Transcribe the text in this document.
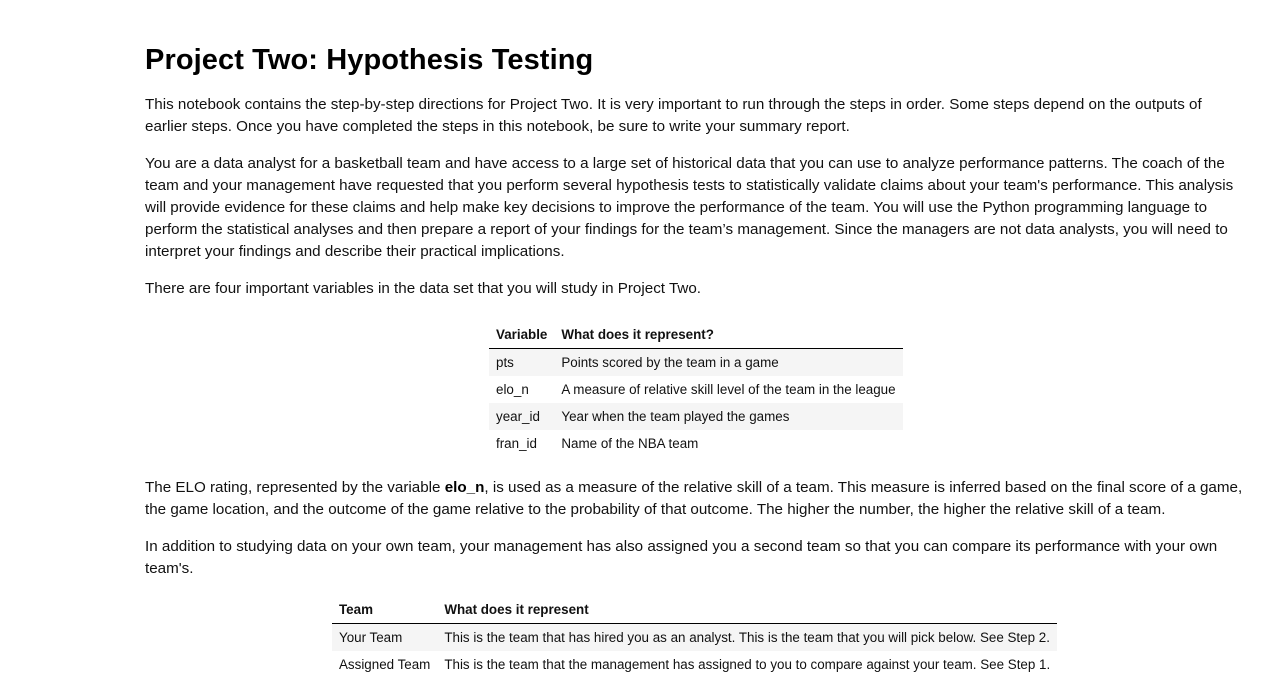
Project Two: Hypothesis Testing

This notebook contains the step-by-step directions for Project Two. It is very important to run through the steps in order. Some steps depend on the outputs of earlier steps. Once you have completed the steps in this notebook, be sure to write your summary report.

You are a data analyst for a basketball team and have access to a large set of historical data that you can use to analyze performance patterns. The coach of the team and your management have requested that you perform several hypothesis tests to statistically validate claims about your team's performance. This analysis will provide evidence for these claims and help make key decisions to improve the performance of the team. You will use the Python programming language to perform the statistical analyses and then prepare a report of your findings for the team’s management. Since the managers are not data analysts, you will need to interpret your findings and describe their practical implications.

There are four important variables in the data set that you will study in Project Two.

Variable	What does it represent?
pts	Points scored by the team in a game
elo_n	A measure of relative skill level of the team in the league
year_id	Year when the team played the games
fran_id	Name of the NBA team

The ELO rating, represented by the variable elo_n, is used as a measure of the relative skill of a team. This measure is inferred based on the final score of a game, the game location, and the outcome of the game relative to the probability of that outcome. The higher the number, the higher the relative skill of a team.

In addition to studying data on your own team, your management has also assigned you a second team so that you can compare its performance with your own team's.

Team	What does it represent
Your Team	This is the team that has hired you as an analyst. This is the team that you will pick below. See Step 2.
Assigned Team	This is the team that the management has assigned to you to compare against your team. See Step 1.
